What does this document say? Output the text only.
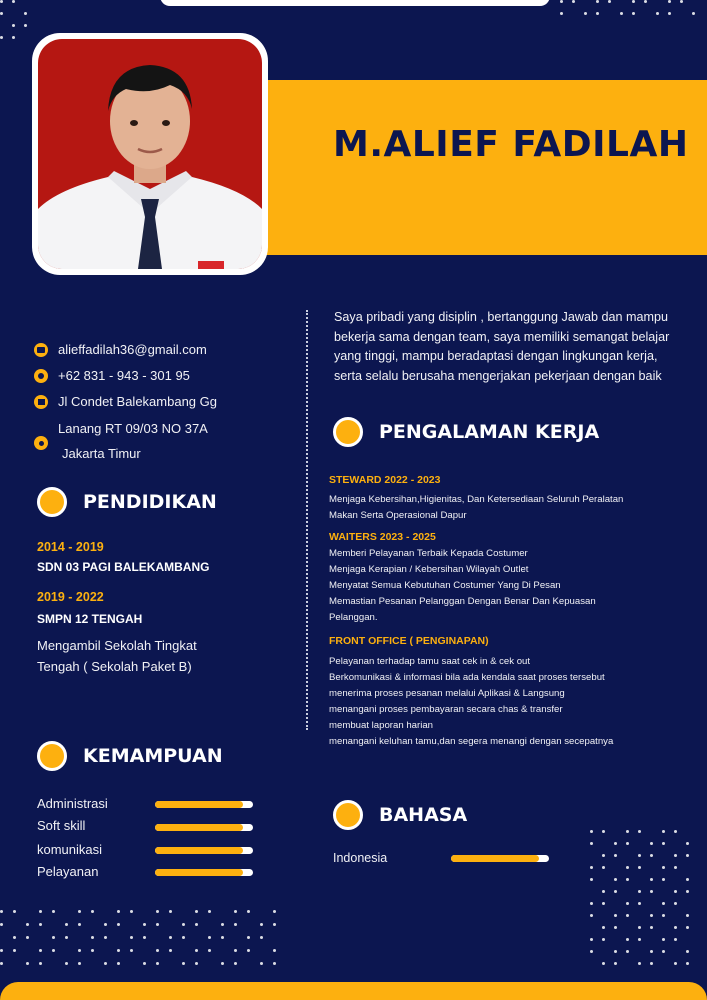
M.ALIEF FADILAH
alieffadilah36@gmail.com
+62 831 - 943 - 301 95
Jl Condet Balekambang Gg
Lanang RT 09/03 NO 37A
Jakarta Timur
PENDIDIKAN
2014 - 2019
SDN 03 PAGI BALEKAMBANG
2019 - 2022
SMPN 12 TENGAH
Mengambil Sekolah Tingkat
Tengah ( Sekolah Paket B)
KEMAMPUAN
Administrasi
Soft skill
komunikasi
Pelayanan
Saya pribadi yang disiplin , bertanggung Jawab dan mampu bekerja sama dengan team, saya memiliki semangat belajar yang tinggi, mampu beradaptasi dengan lingkungan kerja, serta selalu berusaha mengerjakan pekerjaan dengan baik
PENGALAMAN KERJA
STEWARD 2022 - 2023
Menjaga Kebersihan,Higienitas, Dan Ketersediaan Seluruh Peralatan
Makan Serta Operasional Dapur
WAITERS 2023 - 2025
Memberi Pelayanan Terbaik Kepada Costumer
Menjaga Kerapian / Kebersihan Wilayah Outlet
Menyatat Semua Kebutuhan Costumer Yang Di Pesan
Memastian Pesanan Pelanggan Dengan Benar Dan Kepuasan
Pelanggan.
FRONT OFFICE ( PENGINAPAN)
Pelayanan terhadap tamu saat cek in & cek out
Berkomunikasi & informasi bila ada kendala saat proses tersebut
menerima proses pesanan melalui Aplikasi & Langsung
menangani proses pembayaran secara chas & transfer
membuat laporan harian
menangani keluhan tamu,dan segera menangi dengan secepatnya
BAHASA
Indonesia
